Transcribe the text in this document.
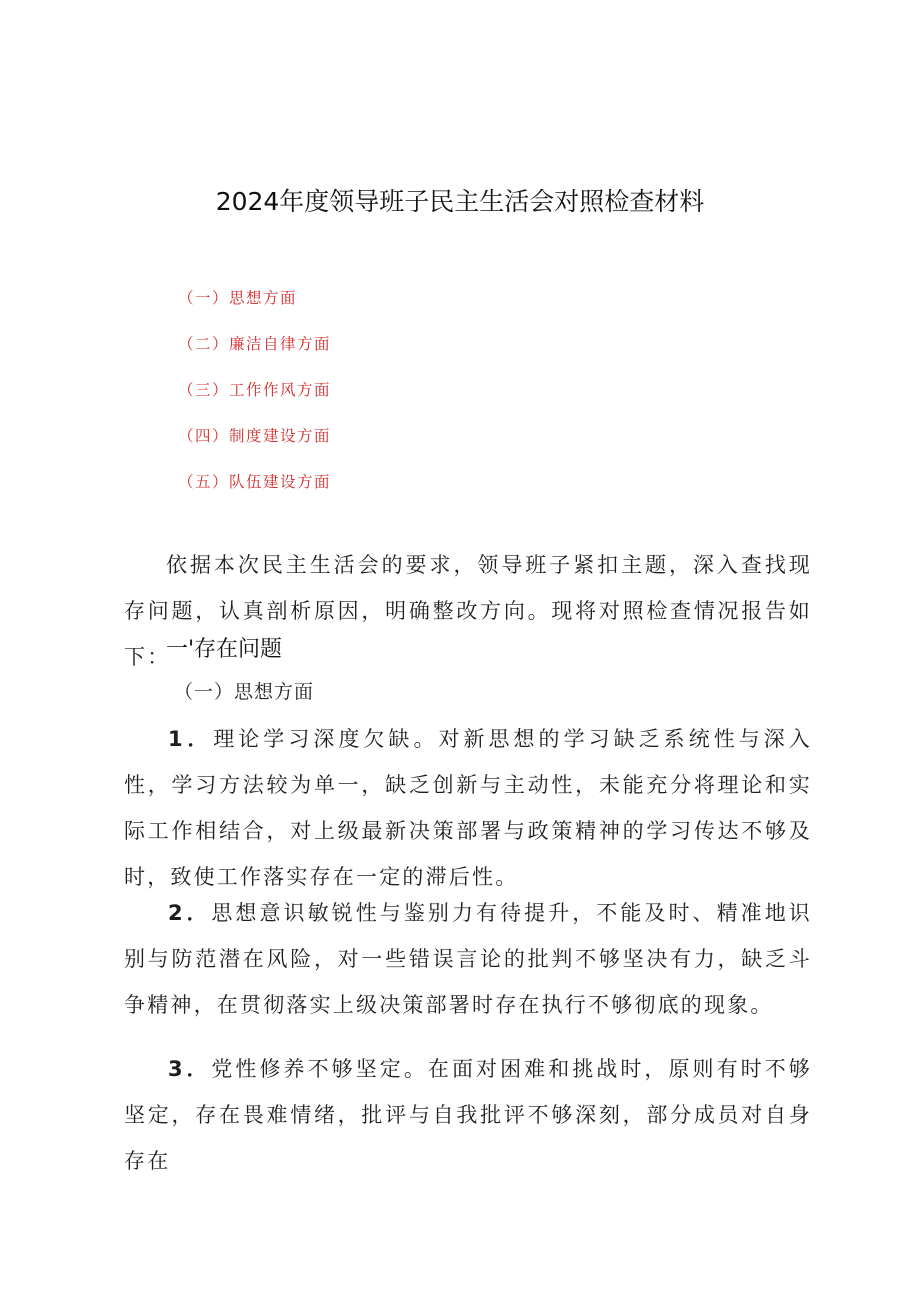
2024年度领导班子民主生活会对照检查材料
（一）思想方面
（二）廉洁自律方面
（三）工作作风方面
（四）制度建设方面
（五）队伍建设方面
依据本次民主生活会的要求，领导班子紧扣主题，深入查找现存问题，认真剖析原因，明确整改方向。现将对照检查情况报告如下：
一'存在问题
（一）思想方面
1．理论学习深度欠缺。对新思想的学习缺乏系统性与深入性，学习方法较为单一，缺乏创新与主动性，未能充分将理论和实际工作相结合，对上级最新决策部署与政策精神的学习传达不够及时，致使工作落实存在一定的滞后性。
2．思想意识敏锐性与鉴别力有待提升，不能及时、精准地识别与防范潜在风险，对一些错误言论的批判不够坚决有力，缺乏斗争精神，在贯彻落实上级决策部署时存在执行不够彻底的现象。
3．党性修养不够坚定。在面对困难和挑战时，原则有时不够坚定，存在畏难情绪，批评与自我批评不够深刻，部分成员对自身存在
